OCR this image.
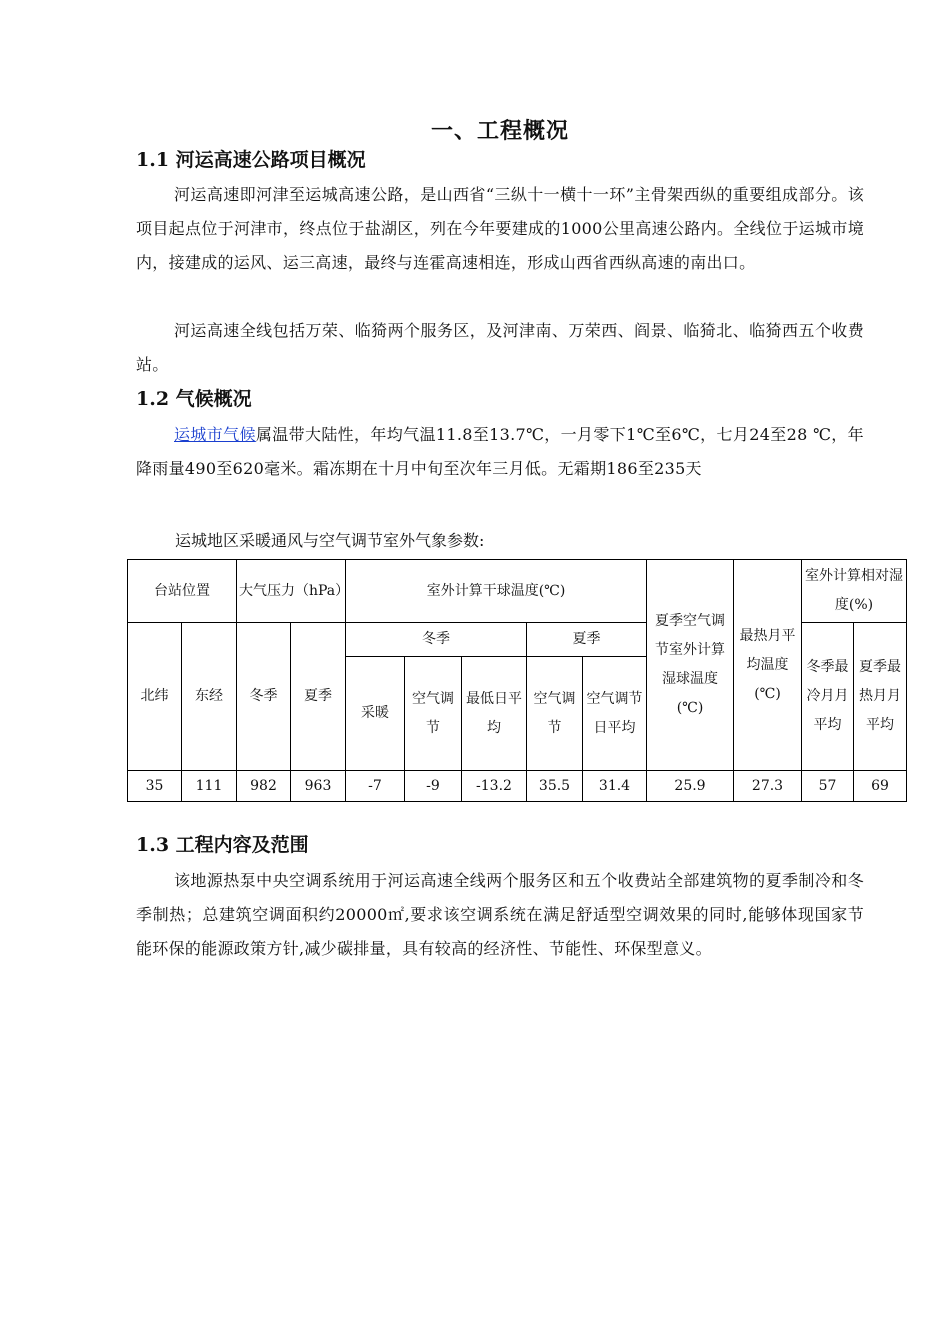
一、工程概况
1.1 河运高速公路项目概况
河运高速即河津至运城高速公路，是山西省“三纵十一横十一环”主骨架西纵的重要组成部分。该项目起点位于河津市，终点位于盐湖区，列在今年要建成的1000公里高速公路内。全线位于运城市境内，接建成的运风、运三高速，最终与连霍高速相连，形成山西省西纵高速的南出口。
河运高速全线包括万荣、临猗两个服务区，及河津南、万荣西、阎景、临猗北、临猗西五个收费站。
1.2 气候概况
运城市气候属温带大陆性，年均气温11.8至13.7℃，一月零下1℃至6℃，七月24至28 ℃，年降雨量490至620毫米。霜冻期在十月中旬至次年三月低。无霜期186至235天
运城地区采暖通风与空气调节室外气象参数:
台站位置		大气压力（hPa）		室外计算干球温度(℃)					夏季空气调节室外计算湿球温度(℃)	最热月平均温度(℃)	室外计算相对湿度(%)	
北纬	东经	冬季	夏季	冬季			夏季				冬季最冷月月平均	夏季最热月月平均
				采暖	空气调节	最低日平均	空气调节	空气调节日平均				
35	111	982	963	-7	-9	-13.2	35.5	31.4	25.9	27.3	57	69
1.3 工程内容及范围
该地源热泵中央空调系统用于河运高速全线两个服务区和五个收费站全部建筑物的夏季制冷和冬季制热；总建筑空调面积约20000㎡,要求该空调系统在满足舒适型空调效果的同时,能够体现国家节能环保的能源政策方针,减少碳排量，具有较高的经济性、节能性、环保型意义。
